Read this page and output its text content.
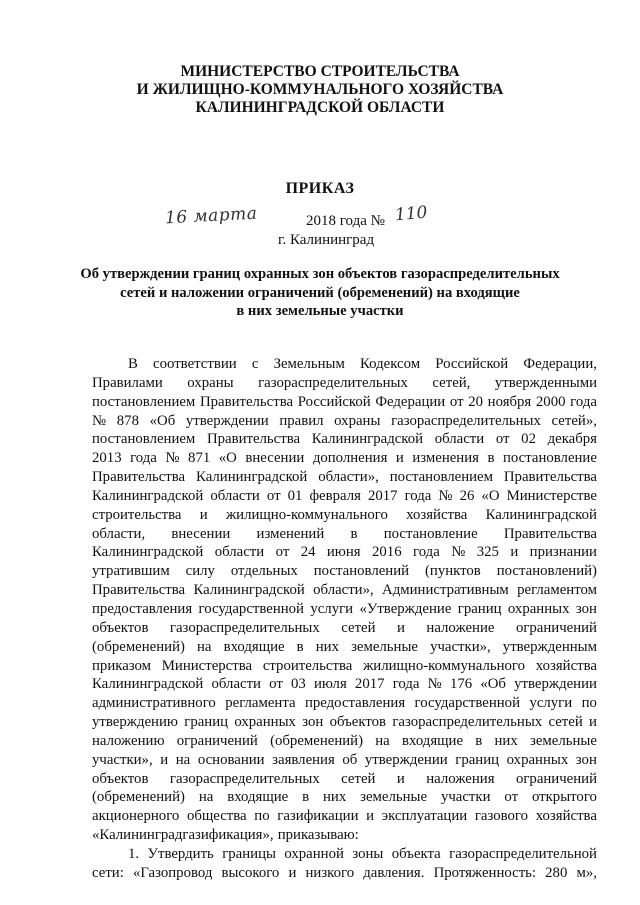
МИНИСТЕРСТВО СТРОИТЕЛЬСТВА
И ЖИЛИЩНО-КОММУНАЛЬНОГО ХОЗЯЙСТВА
КАЛИНИНГРАДСКОЙ ОБЛАСТИ
ПРИКАЗ
16 марта	2018 года № 110
г. Калининград
Об утверждении границ охранных зон объектов газораспределительных
сетей и наложении ограничений (обременений) на входящие
в них земельные участки
В соответствии с Земельным Кодексом Российской Федерации,
Правилами охраны газораспределительных сетей, утвержденными
постановлением Правительства Российской Федерации от 20 ноября 2000 года
№ 878 «Об утверждении правил охраны газораспределительных сетей»,
постановлением Правительства Калининградской области от 02 декабря
2013 года № 871 «О внесении дополнения и изменения в постановление
Правительства Калининградской области», постановлением Правительства
Калининградской области от 01 февраля 2017 года № 26 «О Министерстве
строительства и жилищно-коммунального хозяйства Калининградской
области, внесении изменений в постановление Правительства
Калининградской области от 24 июня 2016 года № 325 и признании
утратившим силу отдельных постановлений (пунктов постановлений)
Правительства Калининградской области», Административным регламентом
предоставления государственной услуги «Утверждение границ охранных зон
объектов газораспределительных сетей и наложение ограничений
(обременений) на входящие в них земельные участки», утвержденным
приказом Министерства строительства жилищно-коммунального хозяйства
Калининградской области от 03 июля 2017 года № 176 «Об утверждении
административного регламента предоставления государственной услуги по
утверждению границ охранных зон объектов газораспределительных сетей и
наложению ограничений (обременений) на входящие в них земельные
участки», и на основании заявления об утверждении границ охранных зон
объектов газораспределительных сетей и наложения ограничений
(обременений) на входящие в них земельные участки от открытого
акционерного общества по газификации и эксплуатации газового хозяйства
«Калининградгазификация», приказываю:
1. Утвердить границы охранной зоны объекта газораспределительной
сети: «Газопровод высокого и низкого давления. Протяженность: 280 м»,
